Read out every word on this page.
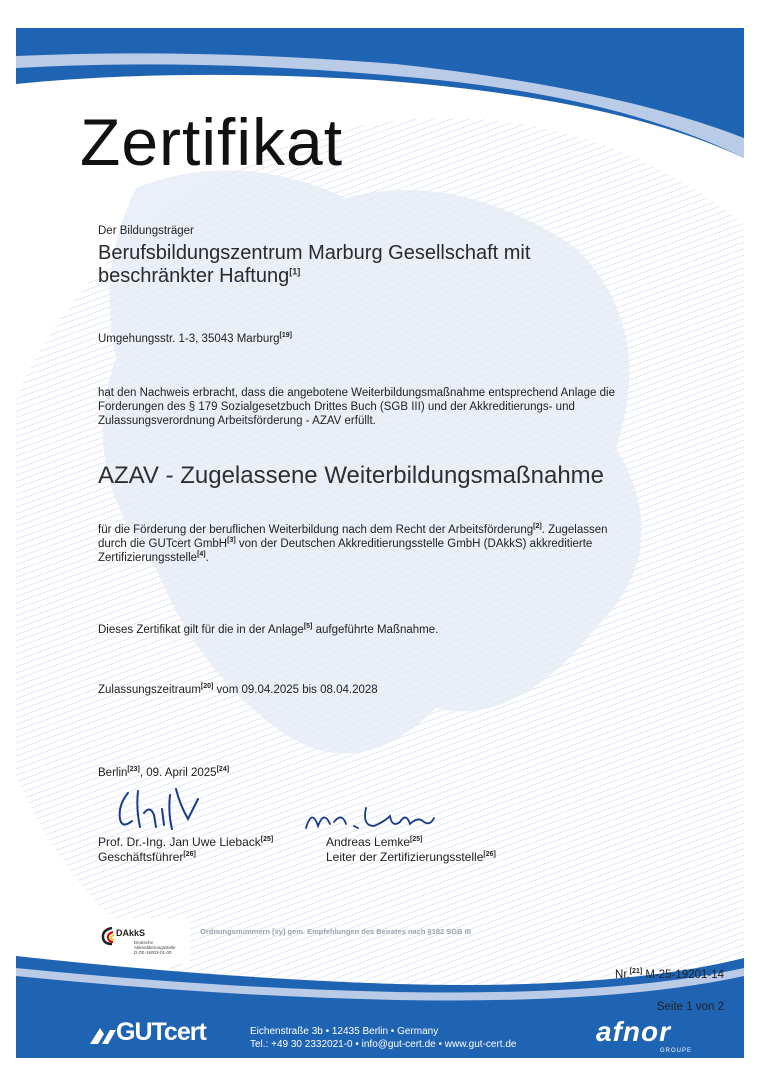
Zertifikat
Der Bildungsträger
Berufsbildungszentrum Marburg Gesellschaft mit
beschränkter Haftung[1]
Umgehungsstr. 1-3, 35043 Marburg[19]
hat den Nachweis erbracht, dass die angebotene Weiterbildungsmaßnahme entsprechend Anlage die
Forderungen des § 179 Sozialgesetzbuch Drittes Buch (SGB III) und der Akkreditierungs- und
Zulassungsverordnung Arbeitsförderung - AZAV erfüllt.
AZAV - Zugelassene Weiterbildungsmaßnahme
für die Förderung der beruflichen Weiterbildung nach dem Recht der Arbeitsförderung[2]. Zugelassen
durch die GUTcert GmbH[3] von der Deutschen Akkreditierungsstelle GmbH (DAkkS) akkreditierte
Zertifizierungsstelle[4].
Dieses Zertifikat gilt für die in der Anlage[5] aufgeführte Maßnahme.
Zulassungszeitraum[20] vom 09.04.2025 bis 08.04.2028
Berlin[23], 09. April 2025[24]
Prof. Dr.-Ing. Jan Uwe Lieback[25]
Geschäftsführer[26]
Andreas Lemke[25]
Leiter der Zertifizierungsstelle[26]
DAkkS
Deutsche
Akkreditierungsstelle
D-ZE-16003-01-00
Ordnungsnummern [xy] gem. Empfehlungen des Beirates nach §182 SGB III
Nr.[21] M-25-19201-14
Seite 1 von 2
GUTcert	Eichenstraße 3b • 12435 Berlin • Germany
Tel.: +49 30 2332021-0 • info@gut-cert.de • www.gut-cert.de	afnor
GROUPE
